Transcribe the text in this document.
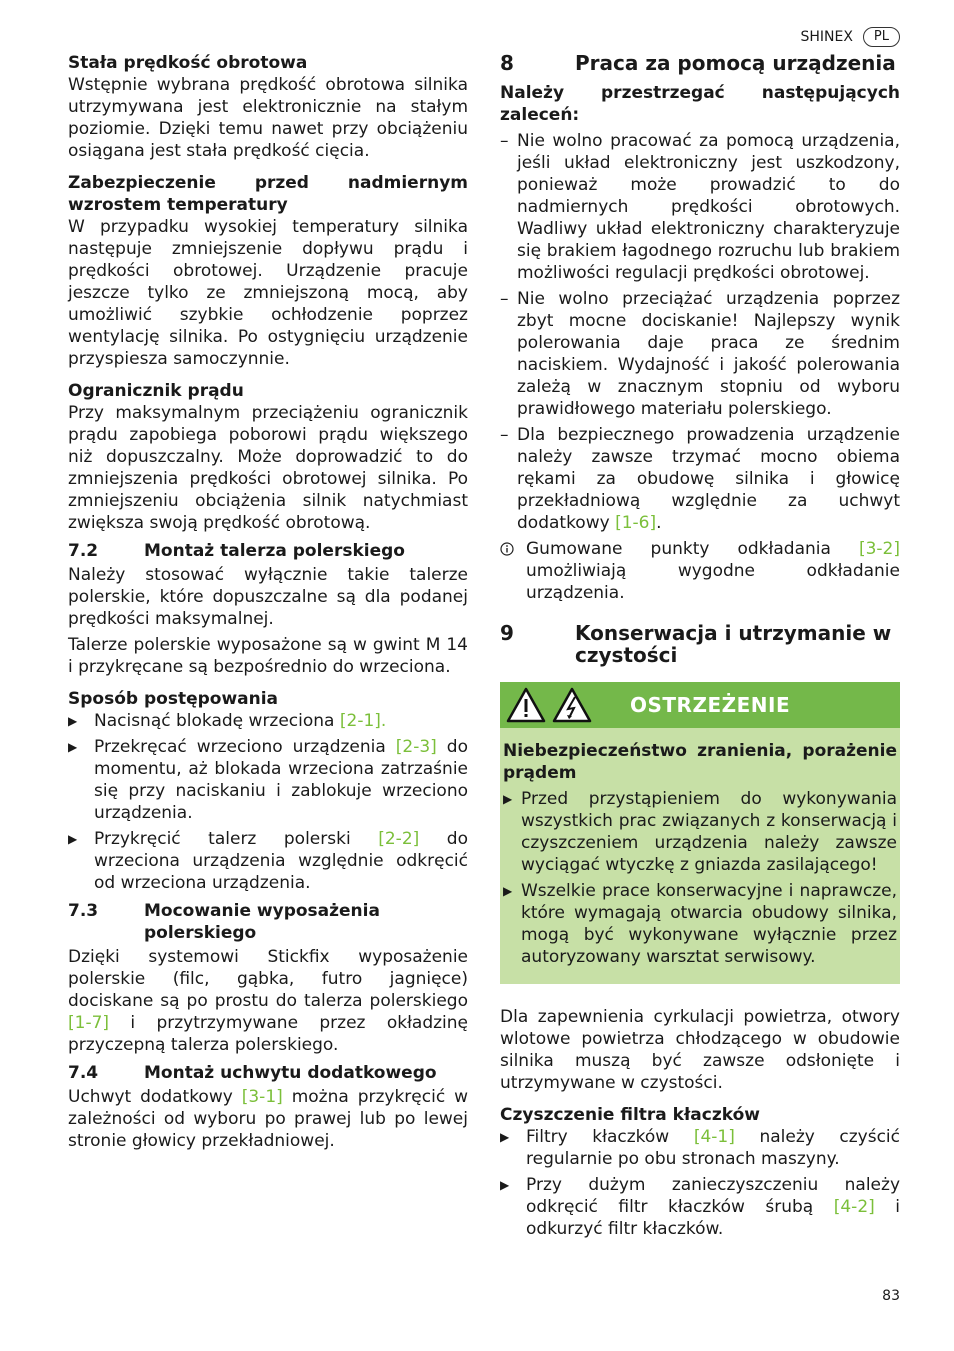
SHINEX	PL

Stała prędkość obrotowa

Wstępnie wybrana prędkość obrotowa silnika utrzymywana jest elektronicznie na stałym poziomie. Dzięki temu nawet przy obciążeniu osiągana jest stała prędkość cięcia.

Zabezpieczenie przed nadmiernym wzrostem temperatury

W przypadku wysokiej temperatury silnika następuje zmniejszenie dopływu prądu i prędkości obrotowej. Urządzenie pracuje jeszcze tylko ze zmniejszoną mocą, aby umożliwić szybkie ochłodzenie poprzez wentylację silnika. Po ostygnięciu urządzenie przyspiesza samoczynnie.

Ogranicznik prądu

Przy maksymalnym przeciążeniu ogranicznik prądu zapobiega poborowi prądu większego niż dopuszczalny. Może doprowadzić to do zmniejszenia prędkości obrotowej silnika. Po zmniejszeniu obciążenia silnik natychmiast zwiększa swoją prędkość obrotową.

7.2	Montaż talerza polerskiego

Należy stosować wyłącznie takie talerze polerskie, które dopuszczalne są dla podanej prędkości maksymalnej.

Talerze polerskie wyposażone są w gwint M 14 i przykręcane są bezpośrednio do wrzeciona.

Sposób postępowania

▶ Nacisnąć blokadę wrzeciona [2-1].
▶ Przekręcać wrzeciono urządzenia [2-3] do momentu, aż blokada wrzeciona zatrzaśnie się przy naciskaniu i zablokuje wrzeciono urządzenia.
▶ Przykręcić talerz polerski [2-2] do wrzeciona urządzenia względnie odkręcić od wrzeciona urządzenia.
7.3	Mocowanie wyposażenia polerskiego

Dzięki systemowi Stickfix wyposażenie polerskie (filc, gąbka, futro jagnięce) dociskane są po prostu do talerza polerskiego [1-7] i przytrzymywane przez okładzinę przyczepną talerza polerskiego.

7.4	Montaż uchwytu dodatkowego

Uchwyt dodatkowy [3-1] można przykręcić w zależności od wyboru po prawej lub po lewej stronie głowicy przekładniowej.

8	Praca za pomocą urządzenia

Należy przestrzegać następujących zaleceń:

– Nie wolno pracować za pomocą urządzenia, jeśli układ elektroniczny jest uszkodzony, ponieważ może prowadzić to do nadmiernych prędkości obrotowych. Wadliwy układ elektroniczny charakteryzuje się brakiem łagodnego rozruchu lub brakiem możliwości regulacji prędkości obrotowej.
– Nie wolno przeciążać urządzenia poprzez zbyt mocne dociskanie! Najlepszy wynik polerowania daje praca ze średnim naciskiem. Wydajność i jakość polerowania zależą w znacznym stopniu od wyboru prawidłowego materiału polerskiego.
– Dla bezpiecznego prowadzenia urządzenie należy zawsze trzymać mocno obiema rękami za obudowę silnika i głowicę przekładniową względnie za uchwyt dodatkowy [1-6].
Gumowane punkty odkładania [3-2] umożliwiają wygodne odkładanie urządzenia.
9	Konserwacja i utrzymanie w czystości
OSTRZEŻENIE

Niebezpieczeństwo zranienia, porażenie prądem

▶ Przed przystąpieniem do wykonywania wszystkich prac związanych z konserwacją i czyszczeniem urządzenia należy zawsze wyciągać wtyczkę z gniazda zasilającego!
▶ Wszelkie prace konserwacyjne i naprawcze, które wymagają otwarcia obudowy silnika, mogą być wykonywane wyłącznie przez autoryzowany warsztat serwisowy.

Dla zapewnienia cyrkulacji powietrza, otwory wlotowe powietrza chłodzącego w obudowie silnika muszą być zawsze odsłonięte i utrzymywane w czystości.

Czyszczenie filtra kłaczków

▶ Filtry kłaczków [4-1] należy czyścić regularnie po obu stronach maszyny.
▶ Przy dużym zanieczyszczeniu należy odkręcić filtr kłaczków śrubą [4-2] i odkurzyć filtr kłaczków.
83
